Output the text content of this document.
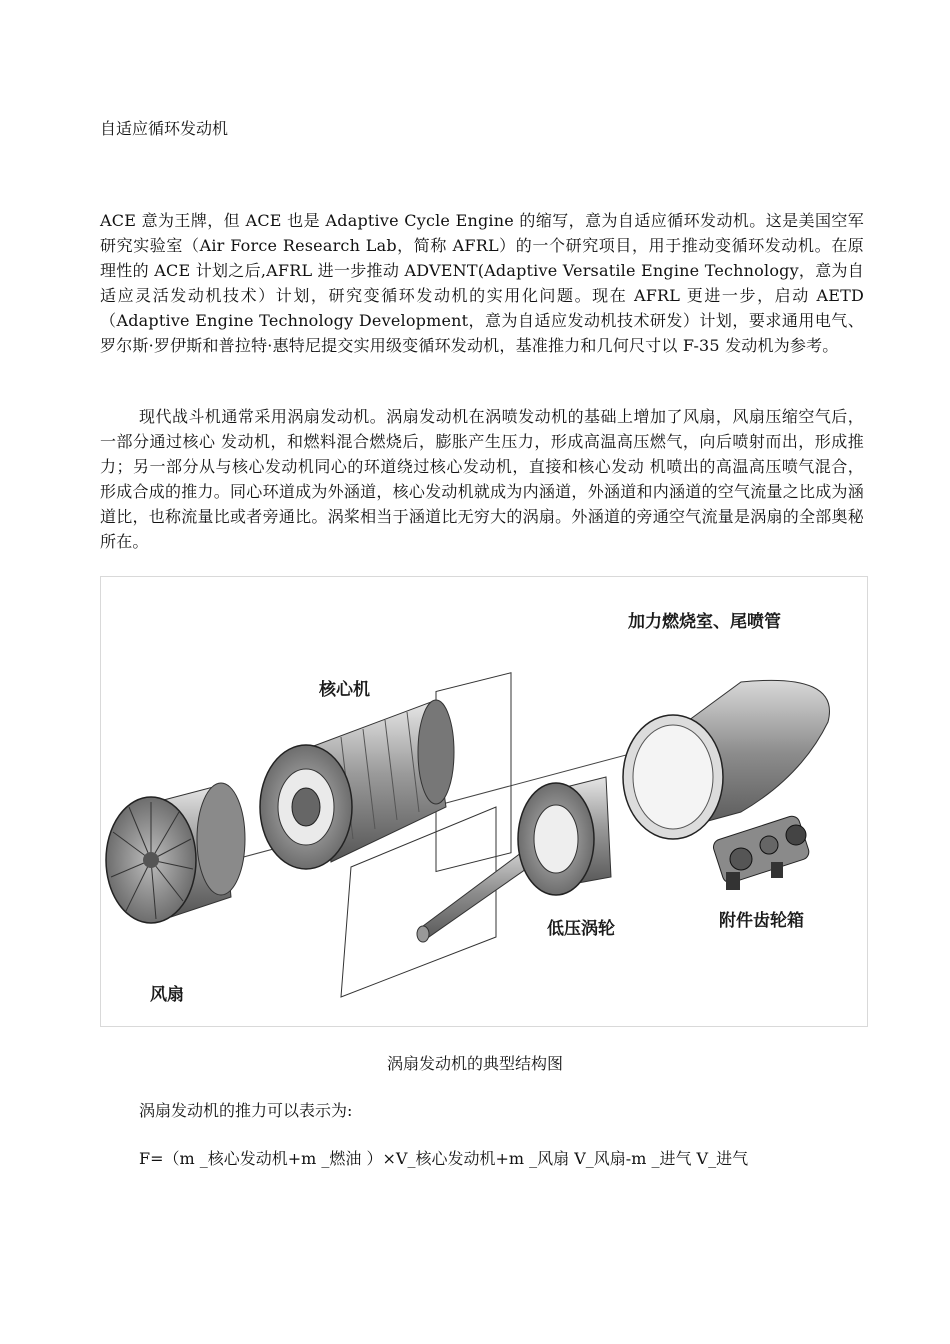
自适应循环发动机

ACE 意为王牌，但 ACE 也是 Adaptive Cycle Engine 的缩写，意为自适应循环发动机。这是美国空军研究实验室（Air Force Research Lab，简称 AFRL）的一个研究项目，用于推动变循环发动机。在原理性的 ACE 计划之后,AFRL 进一步推动 ADVENT(Adaptive Versatile Engine Technology，意为自适应灵活发动机技术）计划，研究变循环发动机的实用化问题。现在 AFRL 更进一步，启动 AETD（Adaptive Engine Technology Development，意为自适应发动机技术研发）计划，要求通用电气、罗尔斯·罗伊斯和普拉特·惠特尼提交实用级变循环发动机，基准推力和几何尺寸以 F-35 发动机为参考。

现代战斗机通常采用涡扇发动机。涡扇发动机在涡喷发动机的基础上增加了风扇，风扇压缩空气后，一部分通过核心 发动机，和燃料混合燃烧后，膨胀产生压力，形成高温高压燃气，向后喷射而出，形成推力；另一部分从与核心发动机同心的环道绕过核心发动机，直接和核心发动 机喷出的高温高压喷气混合，形成合成的推力。同心环道成为外涵道，核心发动机就成为内涵道，外涵道和内涵道的空气流量之比成为涵道比，也称流量比或者旁通比。涡桨相当于涵道比无穷大的涡扇。外涵道的旁通空气流量是涡扇的全部奥秘所在。

风扇
核心机
低压涡轮
加力燃烧室、尾喷管
附件齿轮箱
涡扇发动机的典型结构图
涡扇发动机的推力可以表示为:
F=（m _核心发动机+m _燃油 ）×V_核心发动机+m _风扇 V_风扇-m _进气 V_进气
